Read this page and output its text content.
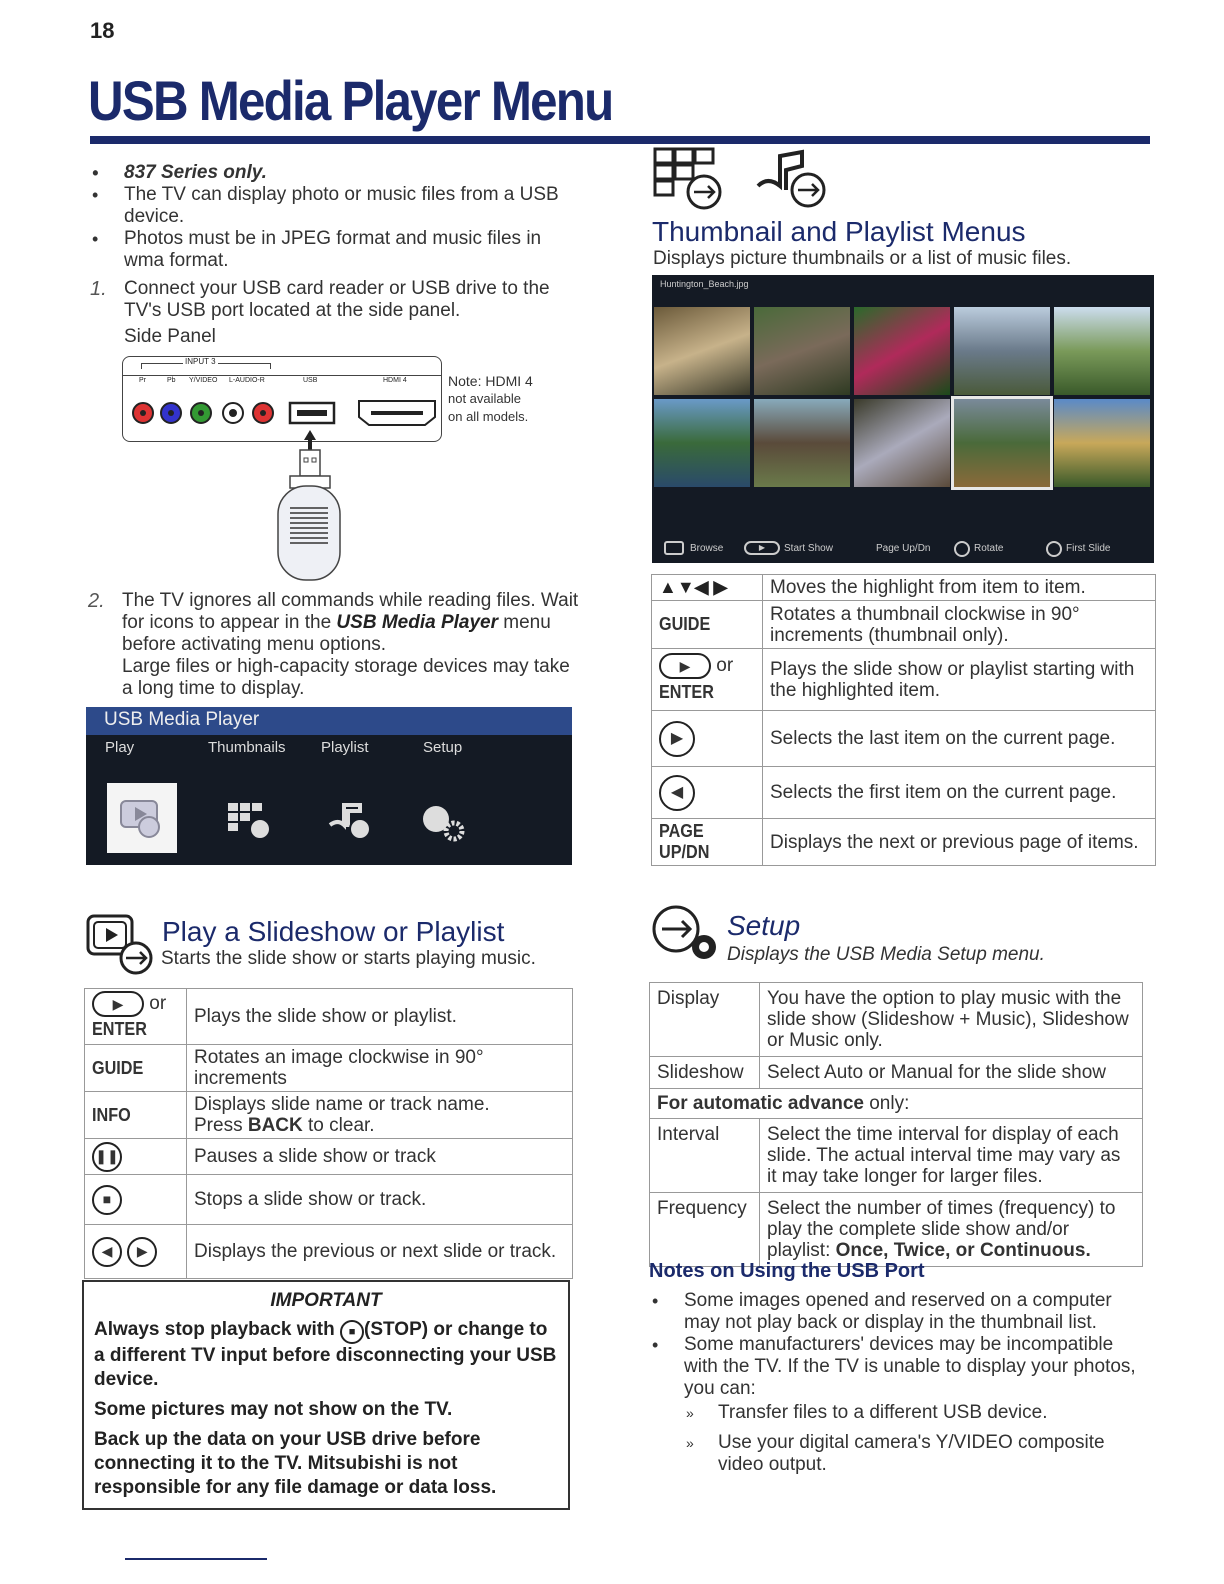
18
USB Media Player Menu
• 837 Series only.
• The TV can display photo or music files from a USB device.
• Photos must be in JPEG format and music files in wma format.
1. Connect your USB card reader or USB drive to the TV's USB port located at the side panel.
Side Panel
INPUT 3
Pr	Pb Y/VIDEO L-AUDIO-R	USB	HDMI 4	Note: HDMI 4
not available
on all models.
2. The TV ignores all commands while reading files. Wait for icons to appear in the USB Media Player menu before activating menu options.
Large files or high-capacity storage devices may take a long time to display.
USB Media Player
Play	Thumbnails Playlist	Setup
Play a Slideshow or Playlist
Starts the slide show or starts playing music.
▶ or
ENTER	Plays the slide show or playlist.
GUIDE	Rotates an image clockwise in 90° increments
INFO	Displays slide name or track name.
Press BACK to clear.

❚❚	Pauses a slide show or track
■	Stops a slide show or track.
◀ ▶	Displays the previous or next slide or track.
IMPORTANT
Always stop playback with ■ (STOP) or change to a different TV input before disconnecting your USB device.
Some pictures may not show on the TV.
Back up the data on your USB drive before connecting it to the TV. Mitsubishi is not responsible for any file damage or data loss.
Thumbnail and Playlist Menus
Displays picture thumbnails or a list of music files.
Huntington_Beach.jpg
Browse	▶	Start Show	Page Up/Dn	Rotate	First Slide
▲▼◀ ▶	Moves the highlight from item to item.
GUIDE	Rotates a thumbnail clockwise in 90° increments (thumbnail only).
▶ or
ENTER	Plays the slide show or playlist starting with the highlighted item.
▶	Selects the last item on the current page.
◀	Selects the first item on the current page.
PAGE UP/DN	Displays the next or previous page of items.
Setup
Displays the USB Media Setup menu.
Display	You have the option to play music with the slide show (Slideshow + Music), Slideshow or Music only.
Slideshow	Select Auto or Manual for the slide show
For automatic advance only:	
Interval	Select the time interval for display of each slide. The actual interval time may vary as it may take longer for larger files.
Frequency	Select the number of times (frequency) to play the complete slide show and/or playlist: Once, Twice, or Continuous.
Notes on Using the USB Port
• Some images opened and reserved on a computer may not play back or display in the thumbnail list.
• Some manufacturers' devices may be incompatible with the TV. If the TV is unable to display your photos, you can:
» Transfer files to a different USB device.
» Use your digital camera's Y/VIDEO composite video output.
